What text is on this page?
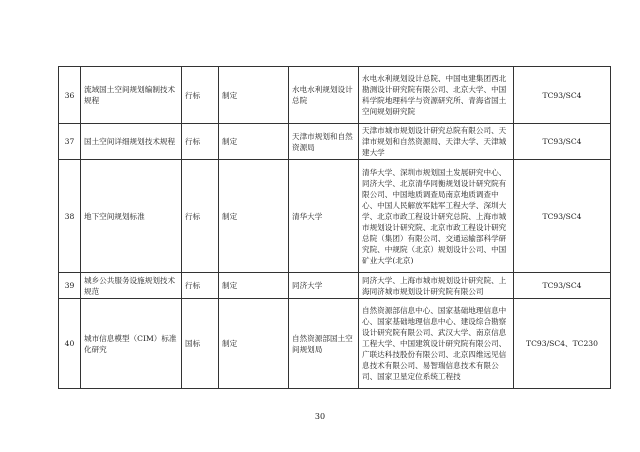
36	流域国土空间规划编制技术规程	行标	制定	水电水利规划设计总院	水电水利规划设计总院、中国电建集团西北勘测设计研究院有限公司、北京大学、中国科学院地理科学与资源研究所、青海省国土空间规划研究院	TC93/SC4
37	国土空间详细规划技术规程	行标	制定	天津市规划和自然资源局	天津市城市规划设计研究总院有限公司、天津市规划和自然资源局、天津大学、天津城建大学	TC93/SC4
38	地下空间规划标准	行标	制定	清华大学	清华大学、深圳市规划国土发展研究中心、同济大学、北京清华同衡规划设计研究院有限公司、中国地质调查局南京地质调查中心、中国人民解放军陆军工程大学、深圳大学、北京市政工程设计研究总院、上海市城市规划设计研究院、北京市政工程设计研究总院（集团）有限公司、交通运输部科学研究院、中规院（北京）规划设计公司、中国矿业大学(北京)	TC93/SC4
39	城乡公共服务设施规划技术规范	行标	制定	同济大学	同济大学、上海市城市规划设计研究院、上海同济城市规划设计研究院有限公司	TC93/SC4
40	城市信息模型（CIM）标准化研究	国标	制定	自然资源部国土空间规划局	自然资源部信息中心、国家基础地理信息中心、国家基础地理信息中心、建设综合勘察设计研究院有限公司、武汉大学、南京信息工程大学、中国建筑设计研究院有限公司、广联达科技股份有限公司、北京四维远见信息技术有限公司、易智瑞信息技术有限公司、国家卫星定位系统工程技	TC93/SC4、TC230
30
